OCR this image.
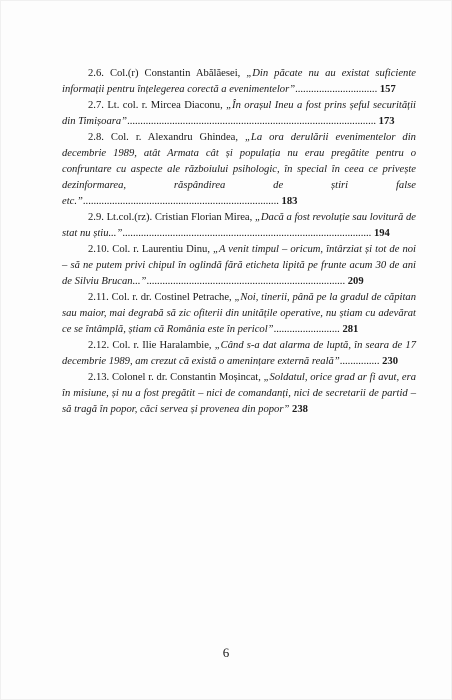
2.6. Col.(r) Constantin Abălăesei, „Din păcate nu au existat suficiente informații pentru înțelegerea corectă a evenimentelor”............................... 157

2.7. Lt. col. r. Mircea Diaconu, „În orașul Ineu a fost prins șeful securității din Timișoara”.............................................................................................. 173

2.8. Col. r. Alexandru Ghindea, „La ora derulării evenimentelor din decembrie 1989, atât Armata cât și populația nu erau pregătite pentru o confruntare cu aspecte ale războiului psihologic, în special în ceea ce privește dezinformarea, răspândirea de știri false etc.”.......................................................................... 183

2.9. Lt.col.(rz). Cristian Florian Mirea, „Dacă a fost revoluție sau lovitură de stat nu știu...”.............................................................................................. 194

2.10. Col. r. Laurentiu Dinu, „A venit timpul – oricum, întârziat și tot de noi – să ne putem privi chipul în oglindă fără eticheta lipită pe frunte acum 30 de ani de Silviu Brucan...”........................................................................... 209

2.11. Col. r. dr. Costinel Petrache, „Noi, tinerii, până pe la gradul de căpitan sau maior, mai degrabă să zic ofiterii din unitățile operative, nu știam cu adevărat ce se întâmplă, știam că România este în pericol”......................... 281

2.12. Col. r. Ilie Haralambie, „Când s-a dat alarma de luptă, în seara de 17 decembrie 1989, am crezut că există o amenințare externă reală”............... 230

2.13. Colonel r. dr. Constantin Moșincat, „Soldatul, orice grad ar fi avut, era în misiune, și nu a fost pregătit – nici de comandanți, nici de secretarii de partid – să tragă în popor, căci servea și provenea din popor” 238

6
